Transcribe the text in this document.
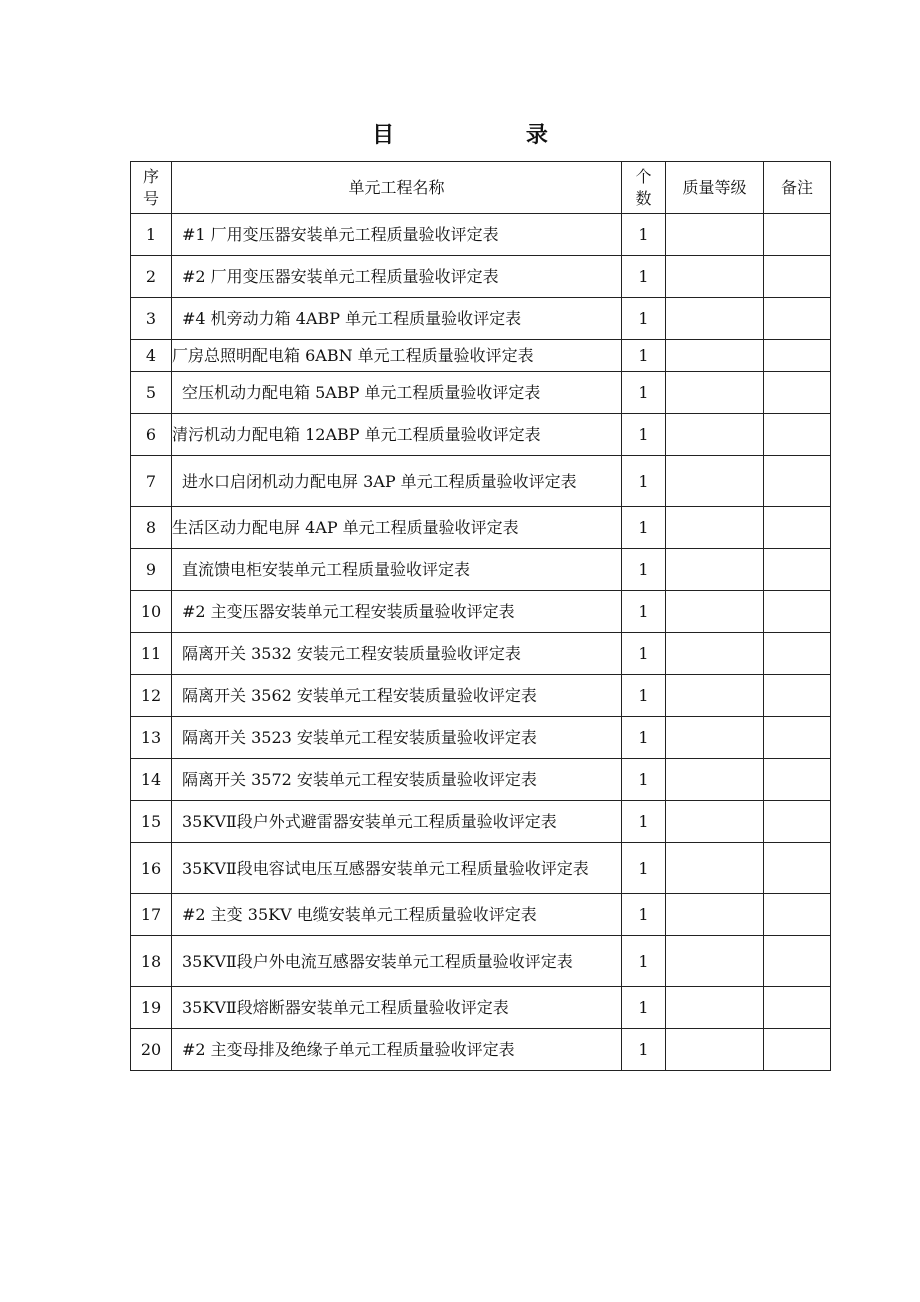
目 录
序号	单元工程名称	个数	质量等级	备注
1	#1 厂用变压器安装单元工程质量验收评定表	1		
2	#2 厂用变压器安装单元工程质量验收评定表	1		
3	#4 机旁动力箱 4ABP 单元工程质量验收评定表	1		
4	厂房总照明配电箱 6ABN 单元工程质量验收评定表	1		
5	空压机动力配电箱 5ABP 单元工程质量验收评定表	1		
6	清污机动力配电箱 12ABP 单元工程质量验收评定表	1		
7	进水口启闭机动力配电屏 3AP 单元工程质量验收评定表	1		
8	生活区动力配电屏 4AP 单元工程质量验收评定表	1		
9	直流馈电柜安装单元工程质量验收评定表	1		
10	#2 主变压器安装单元工程安装质量验收评定表	1		
11	隔离开关 3532 安装元工程安装质量验收评定表	1		
12	隔离开关 3562 安装单元工程安装质量验收评定表	1		
13	隔离开关 3523 安装单元工程安装质量验收评定表	1		
14	隔离开关 3572 安装单元工程安装质量验收评定表	1		
15	35KVⅡ段户外式避雷器安装单元工程质量验收评定表	1		
16	35KVⅡ段电容试电压互感器安装单元工程质量验收评定表	1		
17	#2 主变 35KV 电缆安装单元工程质量验收评定表	1		
18	35KVⅡ段户外电流互感器安装单元工程质量验收评定表	1		
19	35KVⅡ段熔断器安装单元工程质量验收评定表	1		
20	#2 主变母排及绝缘子单元工程质量验收评定表	1		
